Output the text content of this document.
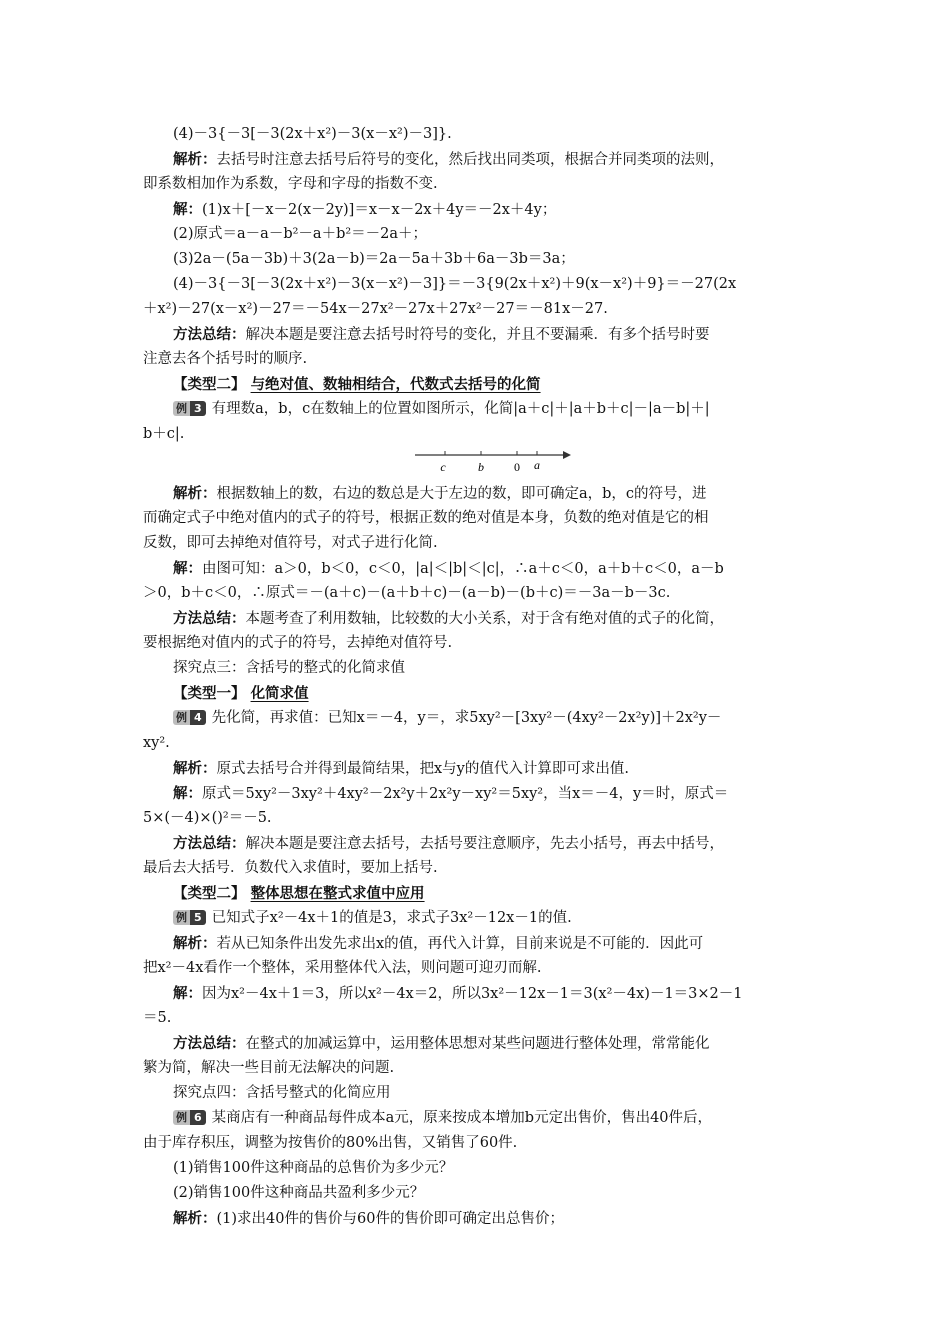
(4)－3{－3[－3(2x＋x²)－3(x－x²)－3]}.
解析：去括号时注意去括号后符号的变化，然后找出同类项，根据合并同类项的法则，
即系数相加作为系数，字母和字母的指数不变.
解：(1)x＋[－x－2(x－2y)]＝x－x－2x＋4y＝－2x＋4y；
(2)原式＝a－a－b²－a＋b²＝－2a＋；
(3)2a－(5a－3b)＋3(2a－b)＝2a－5a＋3b＋6a－3b＝3a；
(4)－3{－3[－3(2x＋x²)－3(x－x²)－3]}＝－3{9(2x＋x²)＋9(x－x²)＋9}＝－27(2x
＋x²)－27(x－x²)－27＝－54x－27x²－27x＋27x²－27＝－81x－27.
方法总结：解决本题是要注意去括号时符号的变化，并且不要漏乘．有多个括号时要
注意去各个括号时的顺序.
【类型二】 与绝对值、数轴相结合，代数式去括号的化简
例 3 有理数a，b，c在数轴上的位置如图所示，化简|a＋c|＋|a＋b＋c|－|a－b|＋|
b＋c|.
c	b	0 a
解析：根据数轴上的数，右边的数总是大于左边的数，即可确定a，b，c的符号，进
而确定式子中绝对值内的式子的符号，根据正数的绝对值是本身，负数的绝对值是它的相
反数，即可去掉绝对值符号，对式子进行化简.
解：由图可知：a＞0，b＜0，c＜0，|a|＜|b|＜|c|，∴a＋c＜0，a＋b＋c＜0，a－b
＞0，b＋c＜0，∴原式＝－(a＋c)－(a＋b＋c)－(a－b)－(b＋c)＝－3a－b－3c.
方法总结：本题考查了利用数轴，比较数的大小关系，对于含有绝对值的式子的化简，
要根据绝对值内的式子的符号，去掉绝对值符号.
探究点三：含括号的整式的化简求值
【类型一】 化简求值
例 4 先化简，再求值：已知x＝－4，y＝，求5xy²－[3xy²－(4xy²－2x²y)]＋2x²y－
xy².
解析：原式去括号合并得到最简结果，把x与y的值代入计算即可求出值.
解：原式＝5xy²－3xy²＋4xy²－2x²y＋2x²y－xy²＝5xy²，当x＝－4，y＝时，原式＝
5×(－4)×()²＝－5.
方法总结：解决本题是要注意去括号，去括号要注意顺序，先去小括号，再去中括号，
最后去大括号．负数代入求值时，要加上括号.
【类型二】 整体思想在整式求值中应用
例 5 已知式子x²－4x＋1的值是3，求式子3x²－12x－1的值.
解析：若从已知条件出发先求出x的值，再代入计算，目前来说是不可能的．因此可
把x²－4x看作一个整体，采用整体代入法，则问题可迎刃而解.
解：因为x²－4x＋1＝3，所以x²－4x＝2，所以3x²－12x－1＝3(x²－4x)－1＝3×2－1
＝5.
方法总结：在整式的加减运算中，运用整体思想对某些问题进行整体处理，常常能化
繁为简，解决一些目前无法解决的问题.
探究点四：含括号整式的化简应用
例 6 某商店有一种商品每件成本a元，原来按成本增加b元定出售价，售出40件后，
由于库存积压，调整为按售价的80%出售，又销售了60件.
(1)销售100件这种商品的总售价为多少元？
(2)销售100件这种商品共盈利多少元？
解析：(1)求出40件的售价与60件的售价即可确定出总售价；
